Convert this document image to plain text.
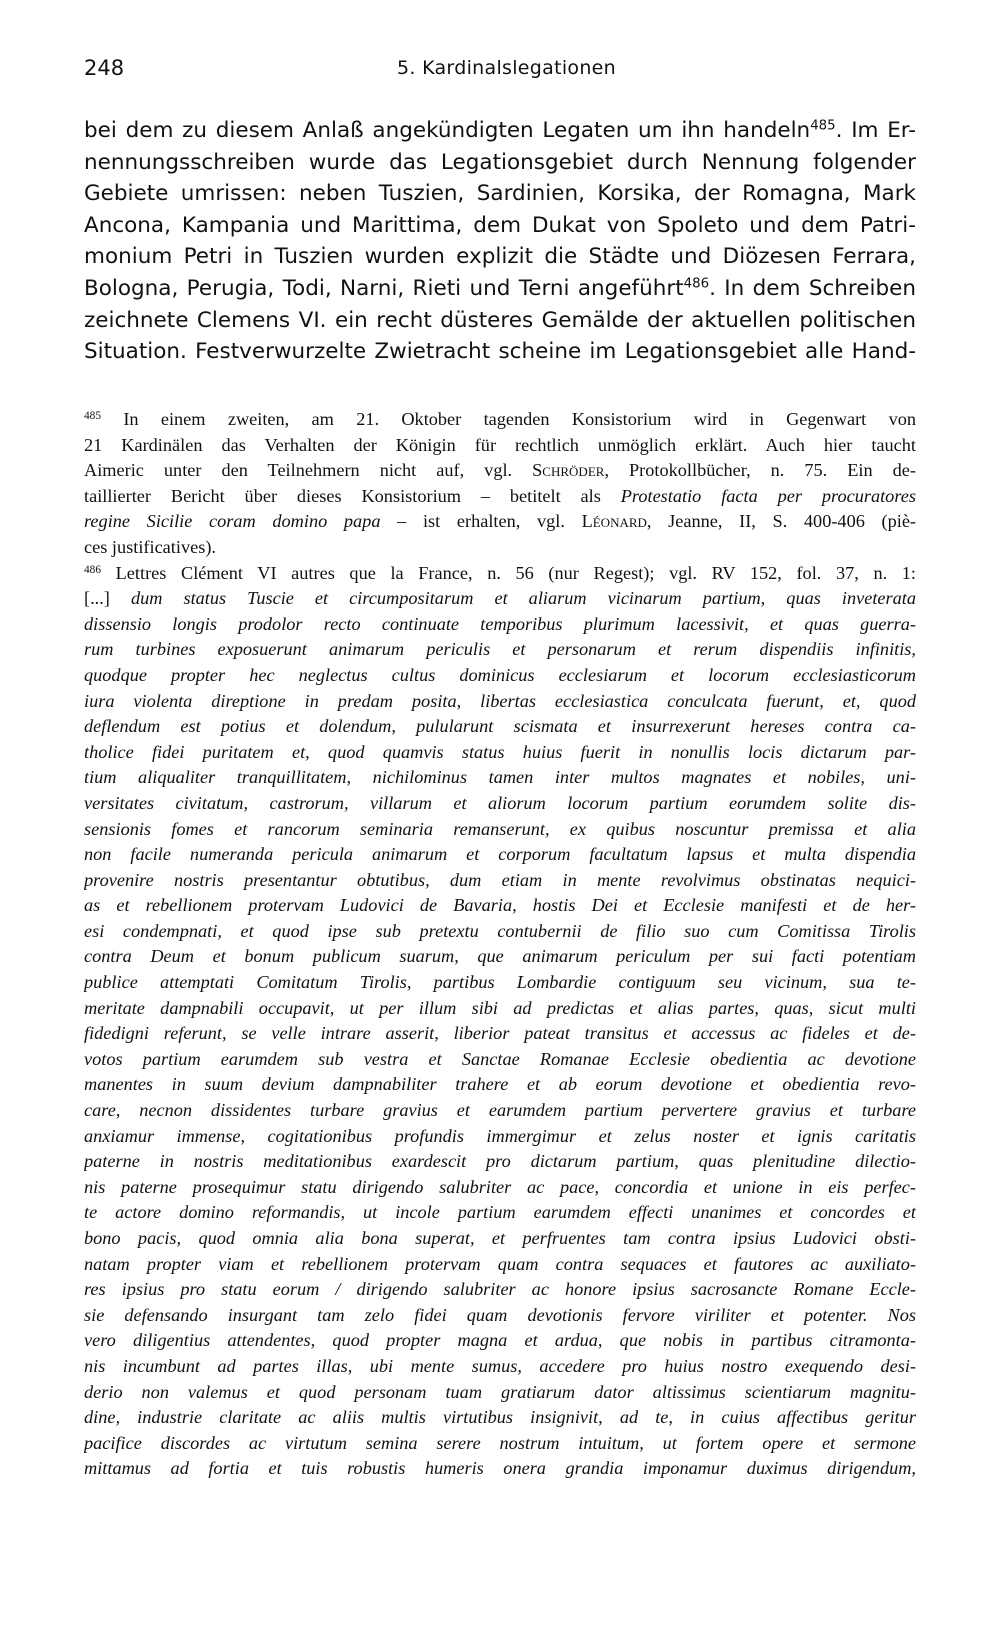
248	5. Kardinalslegationen
bei dem zu diesem Anlaß angekündigten Legaten um ihn handeln$^{485}$. Im Er-
nennungsschreiben wurde das Legationsgebiet durch Nennung folgender
Gebiete umrissen: neben Tuszien, Sardinien, Korsika, der Romagna, Mark
Ancona, Kampania und Marittima, dem Dukat von Spoleto und dem Patri-
monium Petri in Tuszien wurden explizit die Städte und Diözesen Ferrara,
Bologna, Perugia, Todi, Narni, Rieti und Terni angeführt$^{486}$. In dem Schreiben
zeichnete Clemens VI. ein recht düsteres Gemälde der aktuellen politischen
Situation. Festverwurzelte Zwietracht scheine im Legationsgebiet alle Hand-
$^{485}$ In einem zweiten, am 21. Oktober tagenden Konsistorium wird in Gegenwart von
21 Kardinälen das Verhalten der Königin für rechtlich unmöglich erklärt. Auch hier taucht
Aimeric unter den Teilnehmern nicht auf, vgl. Schröder, Protokollbücher, n. 75. Ein de-
taillierter Bericht über dieses Konsistorium – betitelt als Protestatio facta per procuratores
regine Sicilie coram domino papa – ist erhalten, vgl. Léonard, Jeanne, II, S. 400-406 (piè-
ces justificatives).
$^{486}$ Lettres Clément VI autres que la France, n. 56 (nur Regest); vgl. RV 152, fol. 37, n. 1:
[...] dum status Tuscie et circumpositarum et aliarum vicinarum partium, quas inveterata
dissensio longis prodolor recto continuate temporibus plurimum lacessivit, et quas guerra-
rum turbines exposuerunt animarum periculis et personarum et rerum dispendiis infinitis,
quodque propter hec neglectus cultus dominicus ecclesiarum et locorum ecclesiasticorum
iura violenta direptione in predam posita, libertas ecclesiastica conculcata fuerunt, et, quod
deflendum est potius et dolendum, pulularunt scismata et insurrexerunt hereses contra ca-
tholice fidei puritatem et, quod quamvis status huius fuerit in nonullis locis dictarum par-
tium aliqualiter tranquillitatem, nichilominus tamen inter multos magnates et nobiles, uni-
versitates civitatum, castrorum, villarum et aliorum locorum partium eorumdem solite dis-
sensionis fomes et rancorum seminaria remanserunt, ex quibus noscuntur premissa et alia
non facile numeranda pericula animarum et corporum facultatum lapsus et multa dispendia
provenire nostris presentantur obtutibus, dum etiam in mente revolvimus obstinatas nequici-
as et rebellionem protervam Ludovici de Bavaria, hostis Dei et Ecclesie manifesti et de her-
esi condempnati, et quod ipse sub pretextu contubernii de filio suo cum Comitissa Tirolis
contra Deum et bonum publicum suarum, que animarum periculum per sui facti potentiam
publice attemptati Comitatum Tirolis, partibus Lombardie contiguum seu vicinum, sua te-
meritate dampnabili occupavit, ut per illum sibi ad predictas et alias partes, quas, sicut multi
fidedigni referunt, se velle intrare asserit, liberior pateat transitus et accessus ac fideles et de-
votos partium earumdem sub vestra et Sanctae Romanae Ecclesie obedientia ac devotione
manentes in suum devium dampnabiliter trahere et ab eorum devotione et obedientia revo-
care, necnon dissidentes turbare gravius et earumdem partium pervertere gravius et turbare
anxiamur immense, cogitationibus profundis immergimur et zelus noster et ignis caritatis
paterne in nostris meditationibus exardescit pro dictarum partium, quas plenitudine dilectio-
nis paterne prosequimur statu dirigendo salubriter ac pace, concordia et unione in eis perfec-
te actore domino reformandis, ut incole partium earumdem effecti unanimes et concordes et
bono pacis, quod omnia alia bona superat, et perfruentes tam contra ipsius Ludovici obsti-
natam propter viam et rebellionem protervam quam contra sequaces et fautores ac auxiliato-
res ipsius pro statu eorum / dirigendo salubriter ac honore ipsius sacrosancte Romane Eccle-
sie defensando insurgant tam zelo fidei quam devotionis fervore viriliter et potenter. Nos
vero diligentius attendentes, quod propter magna et ardua, que nobis in partibus citramonta-
nis incumbunt ad partes illas, ubi mente sumus, accedere pro huius nostro exequendo desi-
derio non valemus et quod personam tuam gratiarum dator altissimus scientiarum magnitu-
dine, industrie claritate ac aliis multis virtutibus insignivit, ad te, in cuius affectibus geritur
pacifice discordes ac virtutum semina serere nostrum intuitum, ut fortem opere et sermone
mittamus ad fortia et tuis robustis humeris onera grandia imponamur duximus dirigendum,
